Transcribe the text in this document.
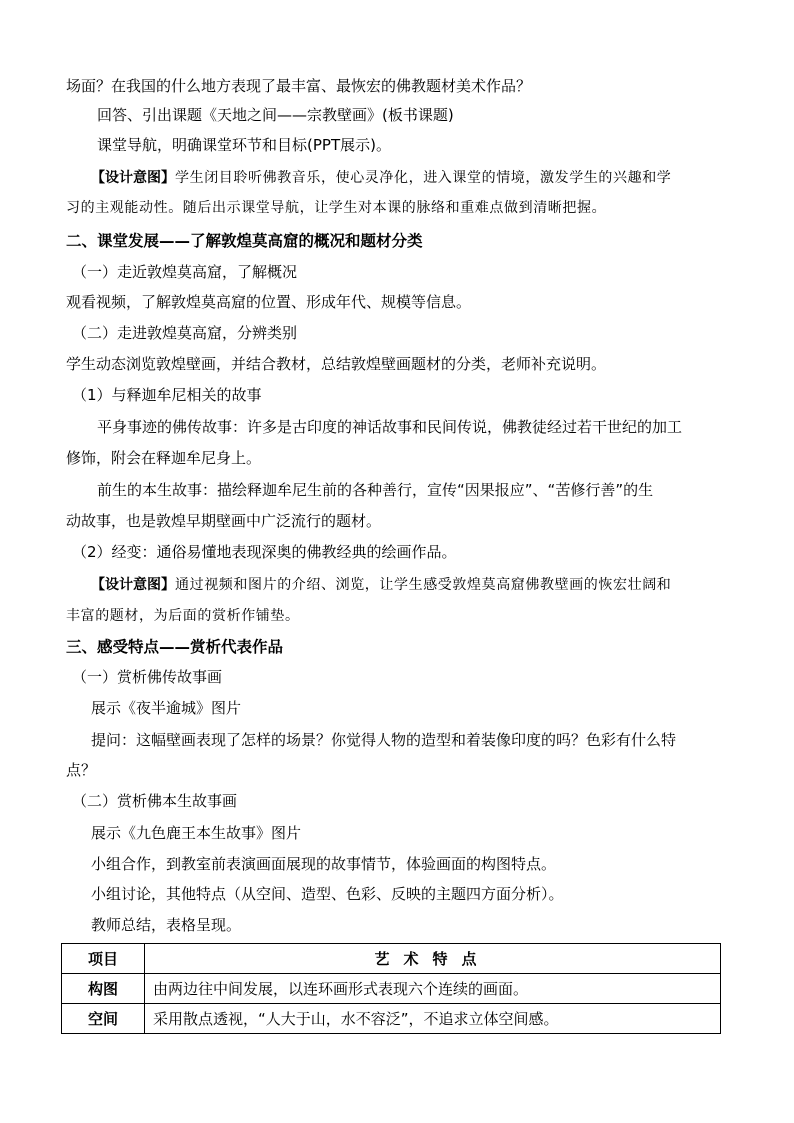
场面？在我国的什么地方表现了最丰富、最恢宏的佛教题材美术作品？
回答、引出课题《天地之间——宗教壁画》(板书课题)
课堂导航，明确课堂环节和目标(PPT展示)。
【设计意图】学生闭目聆听佛教音乐，使心灵净化，进入课堂的情境，激发学生的兴趣和学
习的主观能动性。随后出示课堂导航，让学生对本课的脉络和重难点做到清晰把握。
二、课堂发展——了解敦煌莫高窟的概况和题材分类
（一）走近敦煌莫高窟，了解概况
观看视频，了解敦煌莫高窟的位置、形成年代、规模等信息。
（二）走进敦煌莫高窟，分辨类别
学生动态浏览敦煌壁画，并结合教材，总结敦煌壁画题材的分类，老师补充说明。
（1）与释迦牟尼相关的故事
平身事迹的佛传故事：许多是古印度的神话故事和民间传说，佛教徒经过若干世纪的加工
修饰，附会在释迦牟尼身上。
前生的本生故事：描绘释迦牟尼生前的各种善行，宣传“因果报应”、“苦修行善”的生
动故事，也是敦煌早期壁画中广泛流行的题材。
（2）经变：通俗易懂地表现深奥的佛教经典的绘画作品。
【设计意图】通过视频和图片的介绍、浏览，让学生感受敦煌莫高窟佛教壁画的恢宏壮阔和
丰富的题材，为后面的赏析作铺垫。
三、感受特点——赏析代表作品
（一）赏析佛传故事画
展示《夜半逾城》图片
提问：这幅壁画表现了怎样的场景？你觉得人物的造型和着装像印度的吗？色彩有什么特
点？
（二）赏析佛本生故事画
展示《九色鹿王本生故事》图片
小组合作，到教室前表演画面展现的故事情节，体验画面的构图特点。
小组讨论，其他特点（从空间、造型、色彩、反映的主题四方面分析）。
教师总结，表格呈现。
项目	艺术特点
构图	由两边往中间发展，以连环画形式表现六个连续的画面。
空间	采用散点透视，“人大于山，水不容泛”，不追求立体空间感。
